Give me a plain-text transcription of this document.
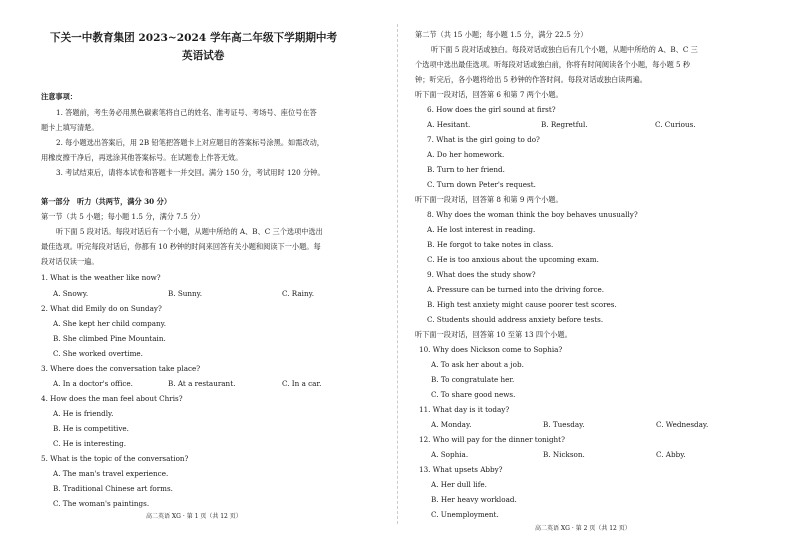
下关一中教育集团 2023~2024 学年高二年级下学期期中考
英语试卷
注意事项：
1. 答题前，考生务必用黑色碳素笔将自己的姓名、准考证号、考场号、座位号在答
题卡上填写清楚。
2. 每小题选出答案后，用 2B 铅笔把答题卡上对应题目的答案标号涂黑。如需改动，
用橡皮擦干净后，再选涂其他答案标号。在试题卷上作答无效。
3. 考试结束后，请将本试卷和答题卡一并交回。满分 150 分，考试用时 120 分钟。
第一部分　听力（共两节，满分 30 分）
第一节（共 5 小题；每小题 1.5 分，满分 7.5 分）
听下面 5 段对话。每段对话后有一个小题，从题中所给的 A、B、C 三个选项中选出
最佳选项。听完每段对话后，你都有 10 秒钟的时间来回答有关小题和阅读下一小题。每
段对话仅读一遍。
1. What is the weather like now?
A. Snowy.	B. Sunny.	C. Rainy.
2. What did Emily do on Sunday?
A. She kept her child company.
B. She climbed Pine Mountain.
C. She worked overtime.
3. Where does the conversation take place?
A. In a doctor's office.	B. At a restaurant.	C. In a car.
4. How does the man feel about Chris?
A. He is friendly.
B. He is competitive.
C. He is interesting.
5. What is the topic of the conversation?
A. The man's travel experience.
B. Traditional Chinese art forms.
C. The woman's paintings.
高二英语 XG · 第 1 页（共 12 页）
第二节（共 15 小题；每小题 1.5 分，满分 22.5 分）
听下面 5 段对话或独白。每段对话或独白后有几个小题，从题中所给的 A、B、C 三
个选项中选出最佳选项。听每段对话或独白前，你将有时间阅读各个小题，每小题 5 秒
钟；听完后，各小题将给出 5 秒钟的作答时间。每段对话或独白读两遍。
听下面一段对话，回答第 6 和第 7 两个小题。
6. How does the girl sound at first?
A. Hesitant.	B. Regretful.	C. Curious.
7. What is the girl going to do?
A. Do her homework.
B. Turn to her friend.
C. Turn down Peter's request.
听下面一段对话，回答第 8 和第 9 两个小题。
8. Why does the woman think the boy behaves unusually?
A. He lost interest in reading.
B. He forgot to take notes in class.
C. He is too anxious about the upcoming exam.
9. What does the study show?
A. Pressure can be turned into the driving force.
B. High test anxiety might cause poorer test scores.
C. Students should address anxiety before tests.
听下面一段对话，回答第 10 至第 13 四个小题。
10. Why does Nickson come to Sophia?
A. To ask her about a job.
B. To congratulate her.
C. To share good news.
11. What day is it today?
A. Monday.	B. Tuesday.	C. Wednesday.
12. Who will pay for the dinner tonight?
A. Sophia.	B. Nickson.	C. Abby.
13. What upsets Abby?
A. Her dull life.
B. Her heavy workload.
C. Unemployment.
高二英语 XG · 第 2 页（共 12 页）
